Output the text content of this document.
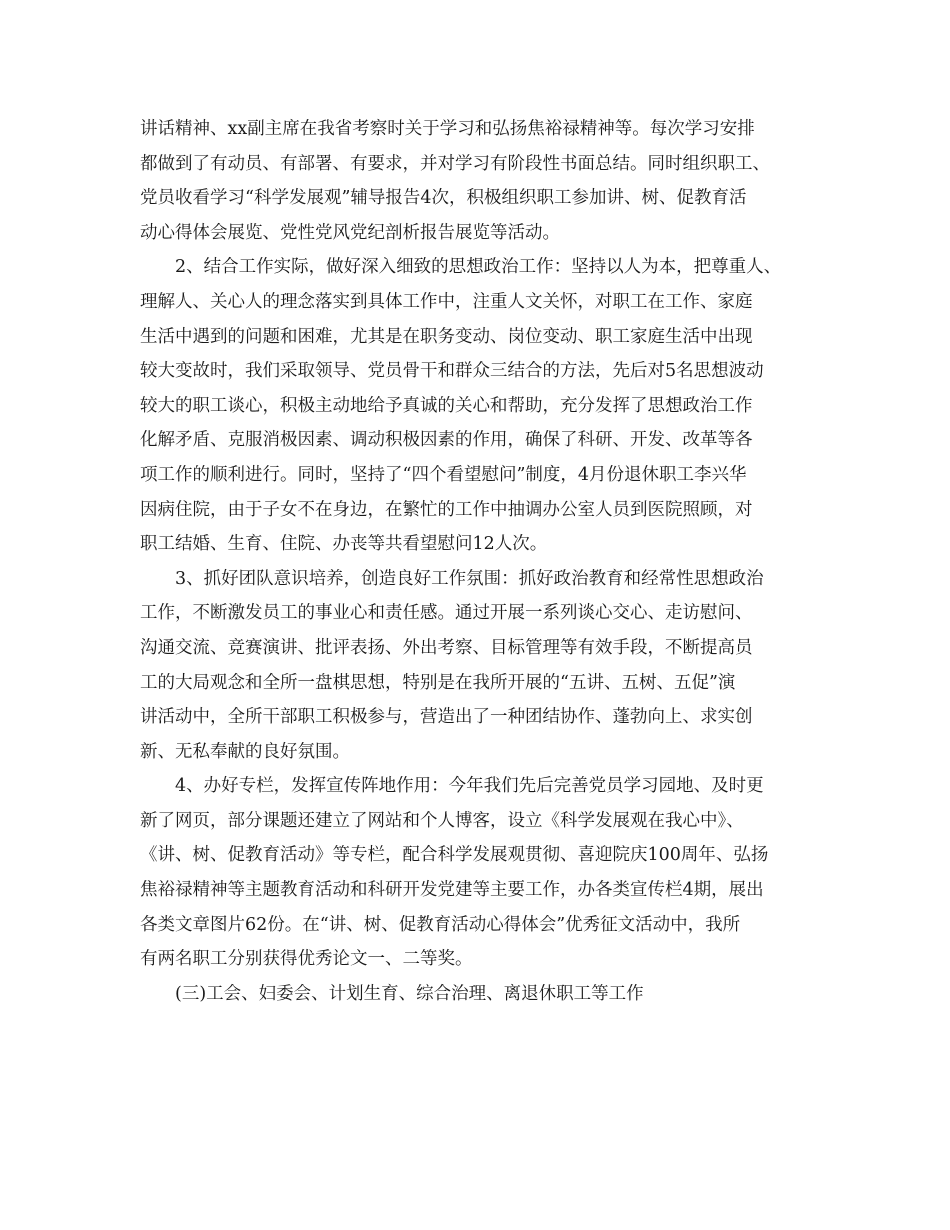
讲话精神、xx副主席在我省考察时关于学习和弘扬焦裕禄精神等。每次学习安排
都做到了有动员、有部署、有要求，并对学习有阶段性书面总结。同时组织职工、
党员收看学习“科学发展观”辅导报告4次，积极组织职工参加讲、树、促教育活
动心得体会展览、党性党风党纪剖析报告展览等活动。

2、结合工作实际，做好深入细致的思想政治工作：坚持以人为本，把尊重人、
理解人、关心人的理念落实到具体工作中，注重人文关怀，对职工在工作、家庭
生活中遇到的问题和困难，尤其是在职务变动、岗位变动、职工家庭生活中出现
较大变故时，我们采取领导、党员骨干和群众三结合的方法，先后对5名思想波动
较大的职工谈心，积极主动地给予真诚的关心和帮助，充分发挥了思想政治工作
化解矛盾、克服消极因素、调动积极因素的作用，确保了科研、开发、改革等各
项工作的顺利进行。同时，坚持了“四个看望慰问”制度，4月份退休职工李兴华
因病住院，由于子女不在身边，在繁忙的工作中抽调办公室人员到医院照顾，对
职工结婚、生育、住院、办丧等共看望慰问12人次。

3、抓好团队意识培养，创造良好工作氛围：抓好政治教育和经常性思想政治
工作，不断激发员工的事业心和责任感。通过开展一系列谈心交心、走访慰问、
沟通交流、竞赛演讲、批评表扬、外出考察、目标管理等有效手段，不断提高员
工的大局观念和全所一盘棋思想，特别是在我所开展的“五讲、五树、五促”演
讲活动中，全所干部职工积极参与，营造出了一种团结协作、蓬勃向上、求实创
新、无私奉献的良好氛围。

4、办好专栏，发挥宣传阵地作用：今年我们先后完善党员学习园地、及时更
新了网页，部分课题还建立了网站和个人博客，设立《科学发展观在我心中》、
《讲、树、促教育活动》等专栏，配合科学发展观贯彻、喜迎院庆100周年、弘扬
焦裕禄精神等主题教育活动和科研开发党建等主要工作，办各类宣传栏4期，展出
各类文章图片62份。在“讲、树、促教育活动心得体会”优秀征文活动中，我所
有两名职工分别获得优秀论文一、二等奖。

(三)工会、妇委会、计划生育、综合治理、离退休职工等工作
